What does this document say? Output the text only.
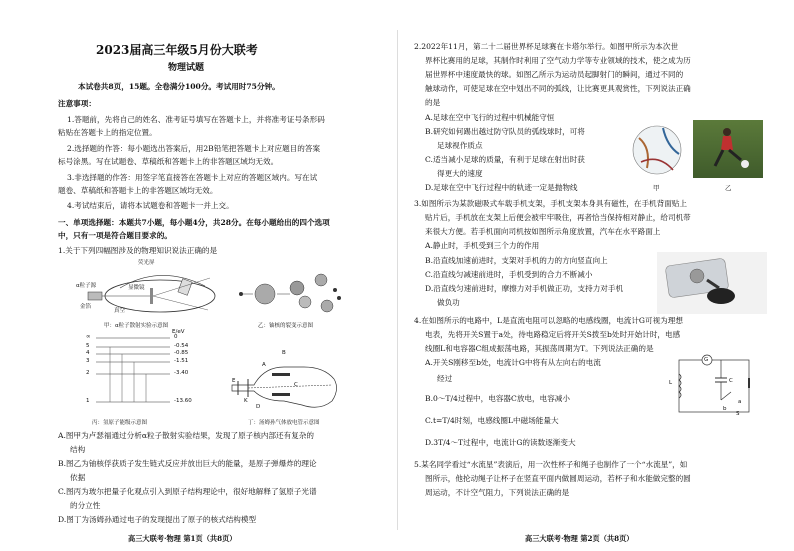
2023届高三年级5月份大联考
物理试题
本试卷共8页，15题。全卷满分100分。考试用时75分钟。
注意事项：
1.答题前，先将自己的姓名、准考证号填写在答题卡上，并将准考证号条形码
粘贴在答题卡上的指定位置。
2.选择题的作答：每小题选出答案后，用2B铅笔把答题卡上对应题目的答案
标号涂黑。写在试题卷、草稿纸和答题卡上的非答题区域均无效。
3.非选择题的作答：用签字笔直接答在答题卡上对应的答题区域内。写在试
题卷、草稿纸和答题卡上的非答题区域均无效。
4.考试结束后，请将本试题卷和答题卡一并上交。
一、单项选择题：本题共7小题，每小题4分，共28分。在每小题给出的四个选项
中，只有一项是符合题目要求的。
1.关于下列四幅图涉及的物理知识说法正确的是
荧光屏
α粒子源	显微镜
金箔
真空
甲：α粒子散射实验示意图	乙：铀核的裂变示意图
E/eV
∞	0
5	-0.54
4	-0.85
3	-1.51
2	-3.40
1	-13.60
丙：氢原子能级示意图
A
B
C
D
E
K
丁：汤姆孙气体放电管示意图
A.图甲为卢瑟福通过分析α粒子散射实验结果，发现了原子核内部还有复杂的
结构
B.图乙为铀核俘获质子发生链式反应并放出巨大的能量，是原子弹爆炸的理论
依据
C.图丙为玻尔把量子化观点引入到原子结构理论中，很好地解释了氢原子光谱
的分立性
D.图丁为汤姆孙通过电子的发现提出了原子的核式结构模型
高三大联考·物理 第1页（共8页）
2.2022年11月，第二十二届世界杯足球赛在卡塔尔举行。如图甲所示为本次世
界杯比赛用的足球，其制作时利用了空气动力学等专业领域的技术，使之成为历
届世界杯中速度最快的球。如图乙所示为运动员起脚射门的瞬间，通过不同的
触球动作，可使足球在空中划出不同的弧线，让比赛更具观赏性，下列说法正确
的是
A.足球在空中飞行的过程中机械能守恒
B.研究如何踢出越过防守队员的弧线球时，可将
足球视作质点
C.适当减小足球的质量，有利于足球在射出时获
得更大的速度
D.足球在空中飞行过程中的轨迹一定是抛物线	甲	乙
3.如图所示为某款磁吸式车载手机支架，手机支架本身具有磁性，在手机背面贴上
贴片后，手机放在支架上后便会被牢牢吸住，再者恰当保持相对静止，给司机带
来很大方便。若手机面向司机按如图所示角度放置，汽车在水平路面上
A.静止时，手机受到三个力的作用
B.沿直线加速前进时，支架对手机的力的方向竖直向上
C.沿直线匀减速前进时，手机受到的合力不断减小
D.沿直线匀速前进时，摩擦力对手机做正功，支持力对手机
做负功
4.在如图所示的电路中，L是直流电阻可以忽略的电感线圈，电流计G可视为理想
电表，先将开关S置于a处，待电路稳定后将开关S拨至b处时开始计时，电感
线圈L和电容器C组成振荡电路，其振荡周期为T。下列说法正确的是
A.开关S刚移至b处，电流计G中将有从左向右的电流
经过
B.0～T/4过程中，电容器C放电，电容减小
C.t=T/4时刻，电感线圈L中磁场能量大
D.3T/4～T过程中，电流计G的读数逐渐变大
G
L	C
a
b
S
5.某名同学看过“水流星”表演后，用一次性杯子和绳子也制作了一个“水流星”，如
图所示，他抡动绳子让杯子在竖直平面内做圆周运动，若杯子和水能做完整的圆
周运动，不计空气阻力，下列说法正确的是
高三大联考·物理 第2页（共8页）
